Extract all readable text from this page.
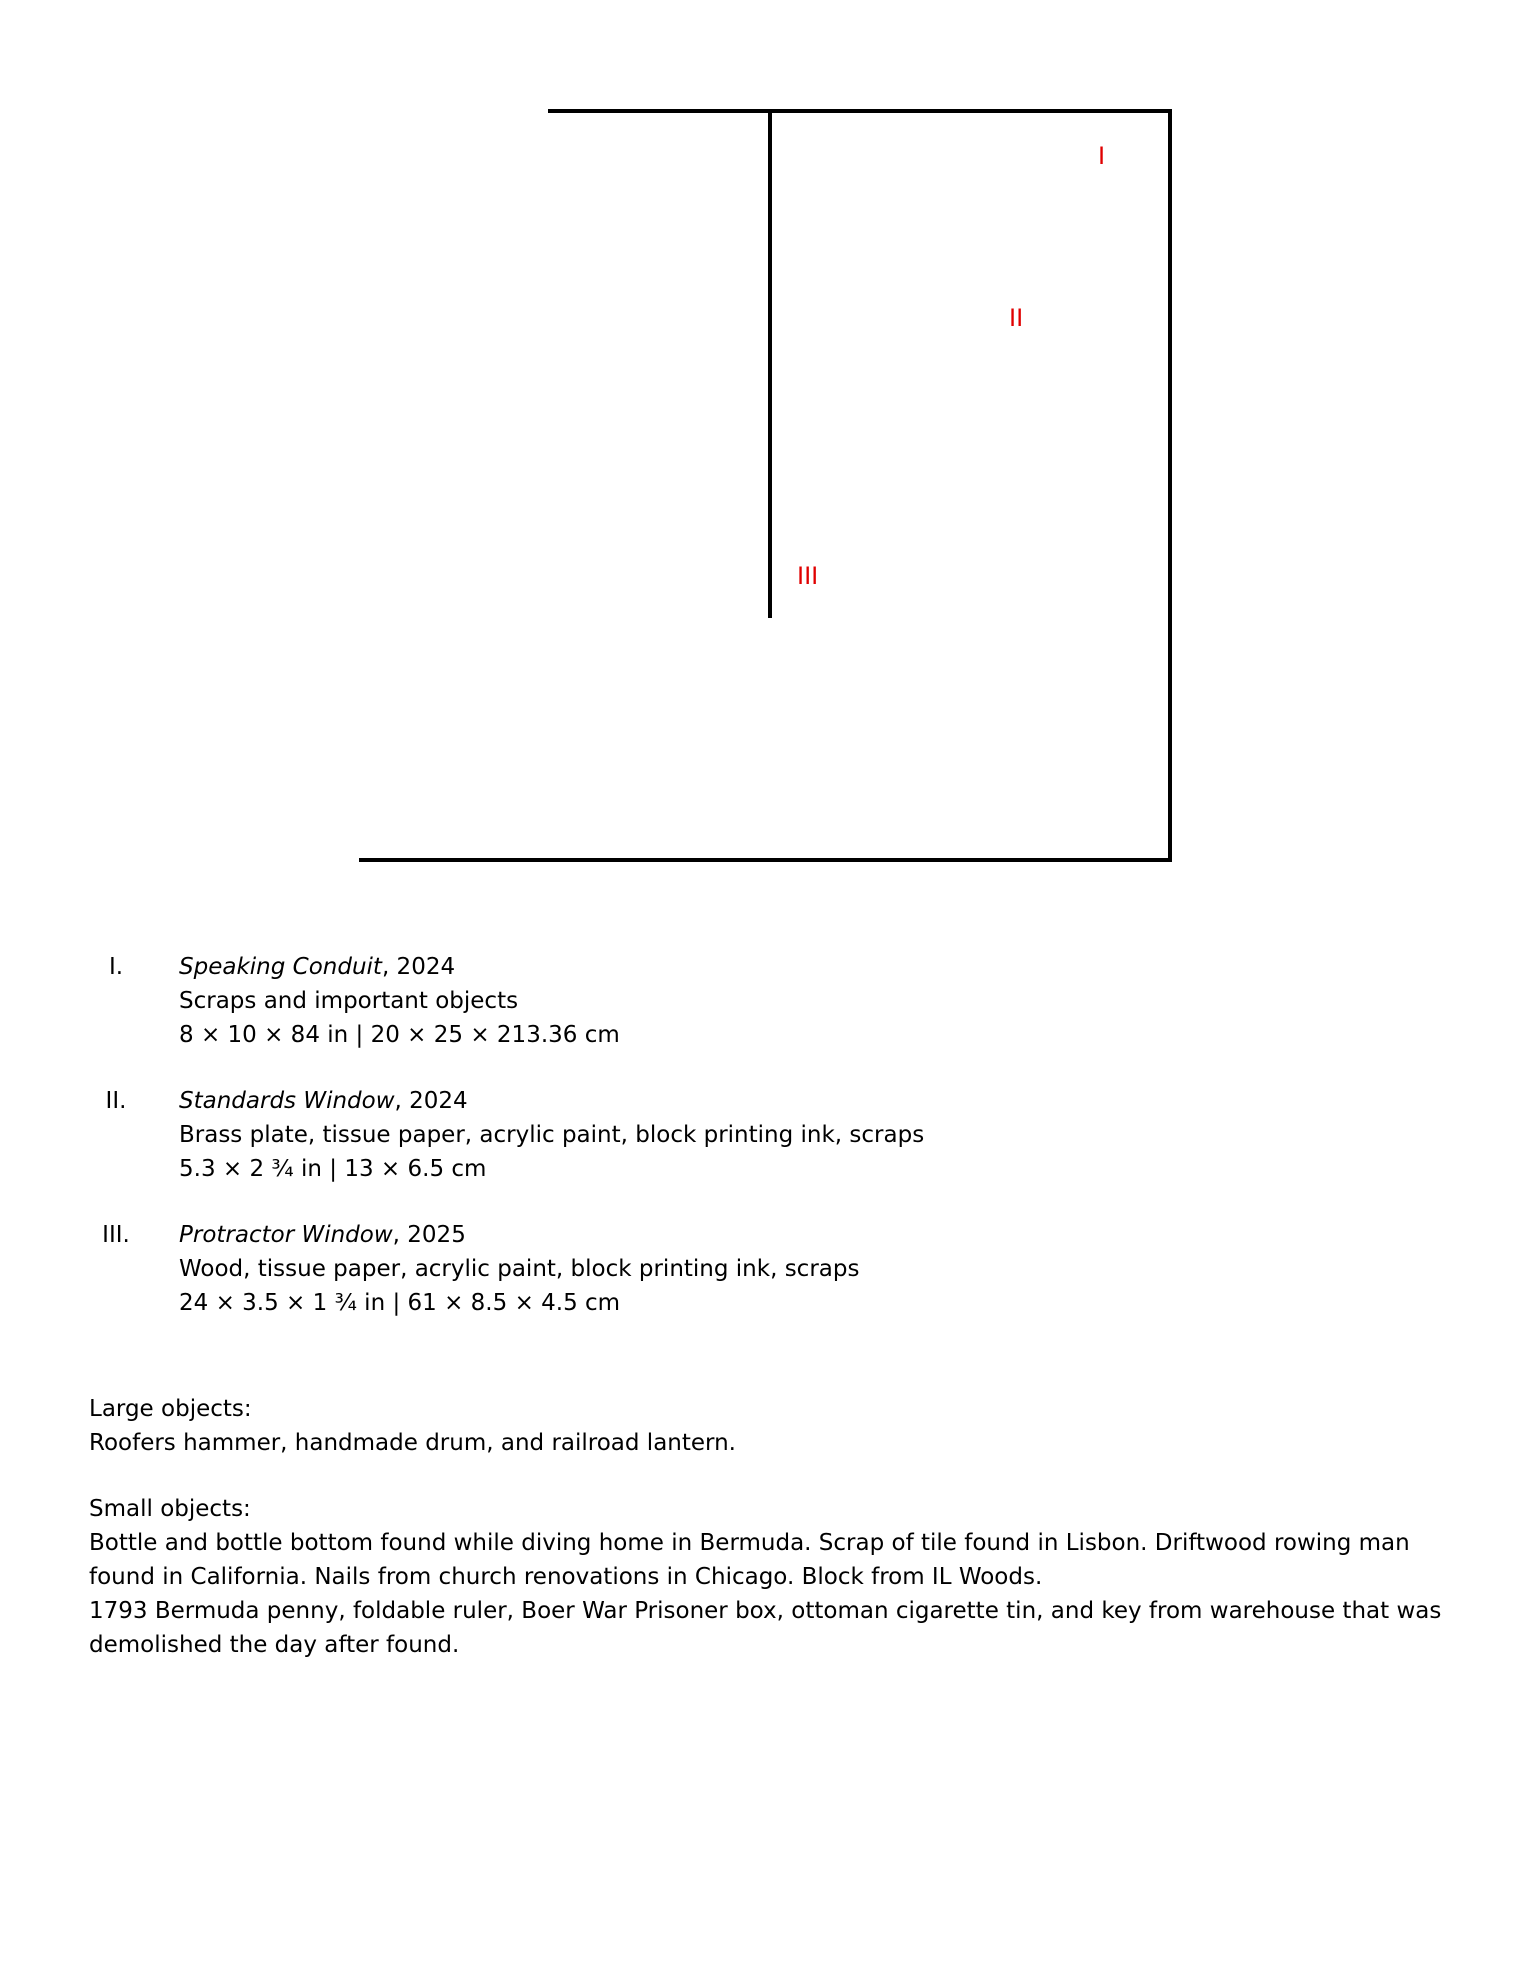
I
II
III
I.	Speaking Conduit, 2024
Scraps and important objects
8 × 10 × 84 in | 20 × 25 × 213.36 cm
II.	Standards Window, 2024
Brass plate, tissue paper, acrylic paint, block printing ink, scraps
5.3 × 2 ¾ in | 13 × 6.5 cm
III. Protractor Window, 2025
Wood, tissue paper, acrylic paint, block printing ink, scraps
24 × 3.5 × 1 ¾ in | 61 × 8.5 × 4.5 cm

Large objects:

Roofers hammer, handmade drum, and railroad lantern.

Small objects:

Bottle and bottle bottom found while diving home in Bermuda. Scrap of tile found in Lisbon. Driftwood rowing man found in California. Nails from church renovations in Chicago. Block from IL Woods.

1793 Bermuda penny, foldable ruler, Boer War Prisoner box, ottoman cigarette tin, and key from warehouse that was demolished the day after found.
